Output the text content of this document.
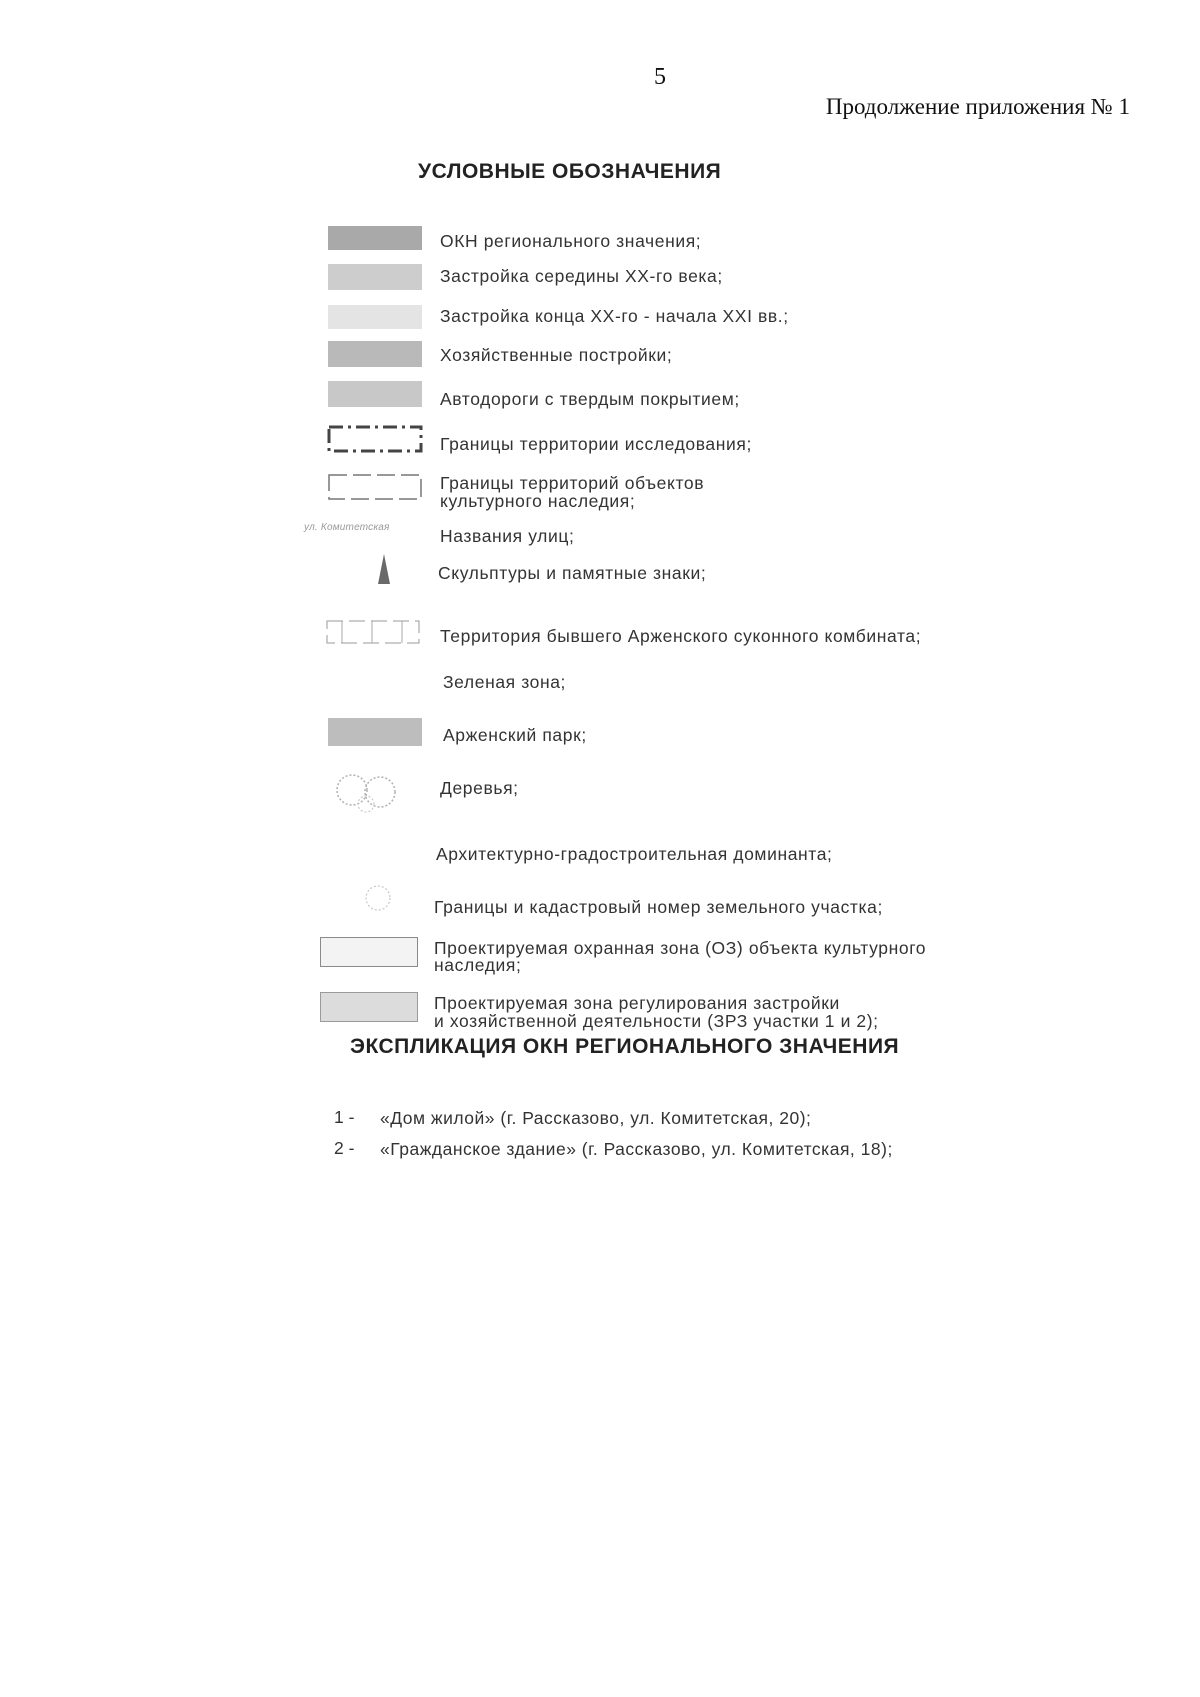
5
Продолжение приложения № 1
УСЛОВНЫЕ ОБОЗНАЧЕНИЯ
ОКН регионального значения;
Застройка середины XX-го века;
Застройка конца XX-го - начала XXI вв.;
Хозяйственные постройки;
Автодороги с твердым покрытием;
Границы территории исследования;
Границы территорий объектов
культурного наследия;
ул. Комитетская	Названия улиц;
Скульптуры и памятные знаки;
Территория бывшего Арженского суконного комбината;
Зеленая зона;
Арженский парк;
Деревья;
Архитектурно-градостроительная доминанта;
Границы и кадастровый номер земельного участка;
Проектируемая охранная зона (ОЗ) объекта культурного
наследия;
Проектируемая зона регулирования застройки
и хозяйственной деятельности (ЗРЗ участки 1 и 2);
ЭКСПЛИКАЦИЯ ОКН РЕГИОНАЛЬНОГО ЗНАЧЕНИЯ
1 - «Дом жилой» (г. Рассказово, ул. Комитетская, 20);
2 - «Гражданское здание» (г. Рассказово, ул. Комитетская, 18);
